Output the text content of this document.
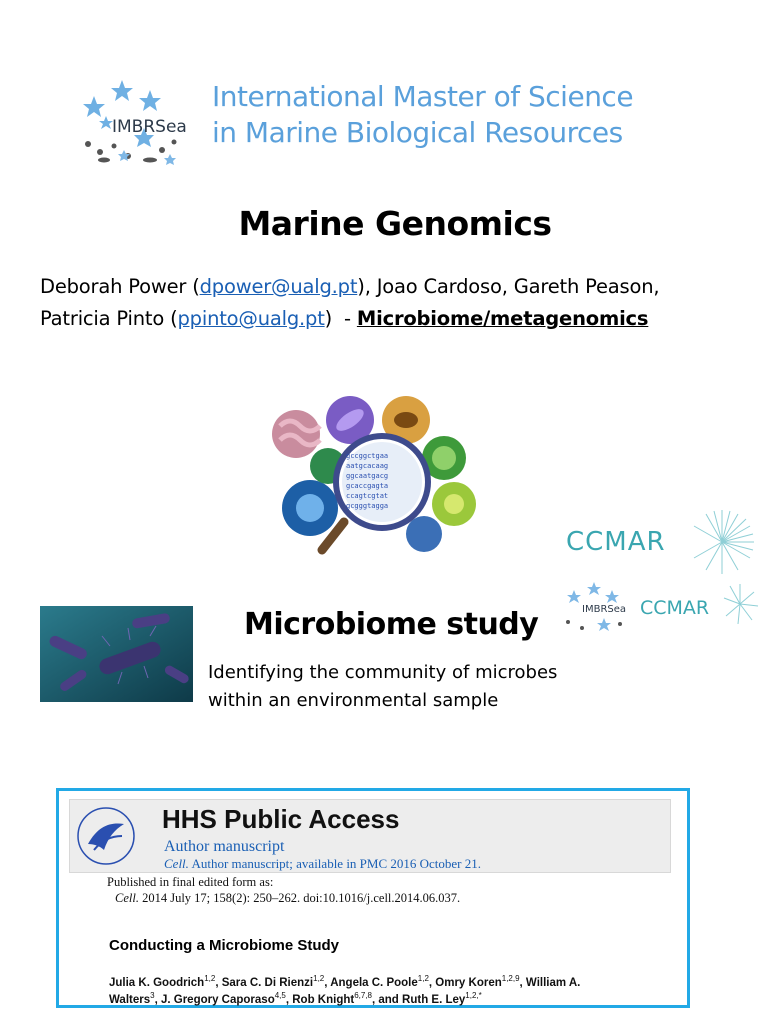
IMBRSea
International Master of Science
in Marine Biological Resources
Marine Genomics
Deborah Power (dpower@ualg.pt), Joao Cardoso, Gareth Peason,
Patricia Pinto (ppinto@ualg.pt)  - Microbiome/metagenomics
gccggctgaa
aatgcacaag
ggcaatgacg
gcaccgagta
ccagtcgtat
gcgggtagga
CCMAR
IMBRSea CCMAR
Microbiome study
Identifying the community of microbes
within an environmental sample
HHS Public Access
Author manuscript
Cell. Author manuscript; available in PMC 2016 October 21.
Published in final edited form as:
Cell. 2014 July 17; 158(2): 250–262. doi:10.1016/j.cell.2014.06.037.
Conducting a Microbiome Study
Julia K. Goodrich$^{1,2}$, Sara C. Di Rienzi$^{1,2}$, Angela C. Poole$^{1,2}$, Omry Koren$^{1,2,9}$, William A.
Walters$^3$, J. Gregory Caporaso$^{4,5}$, Rob Knight$^{6,7,8}$, and Ruth E. Ley$^{1,2,*}$
